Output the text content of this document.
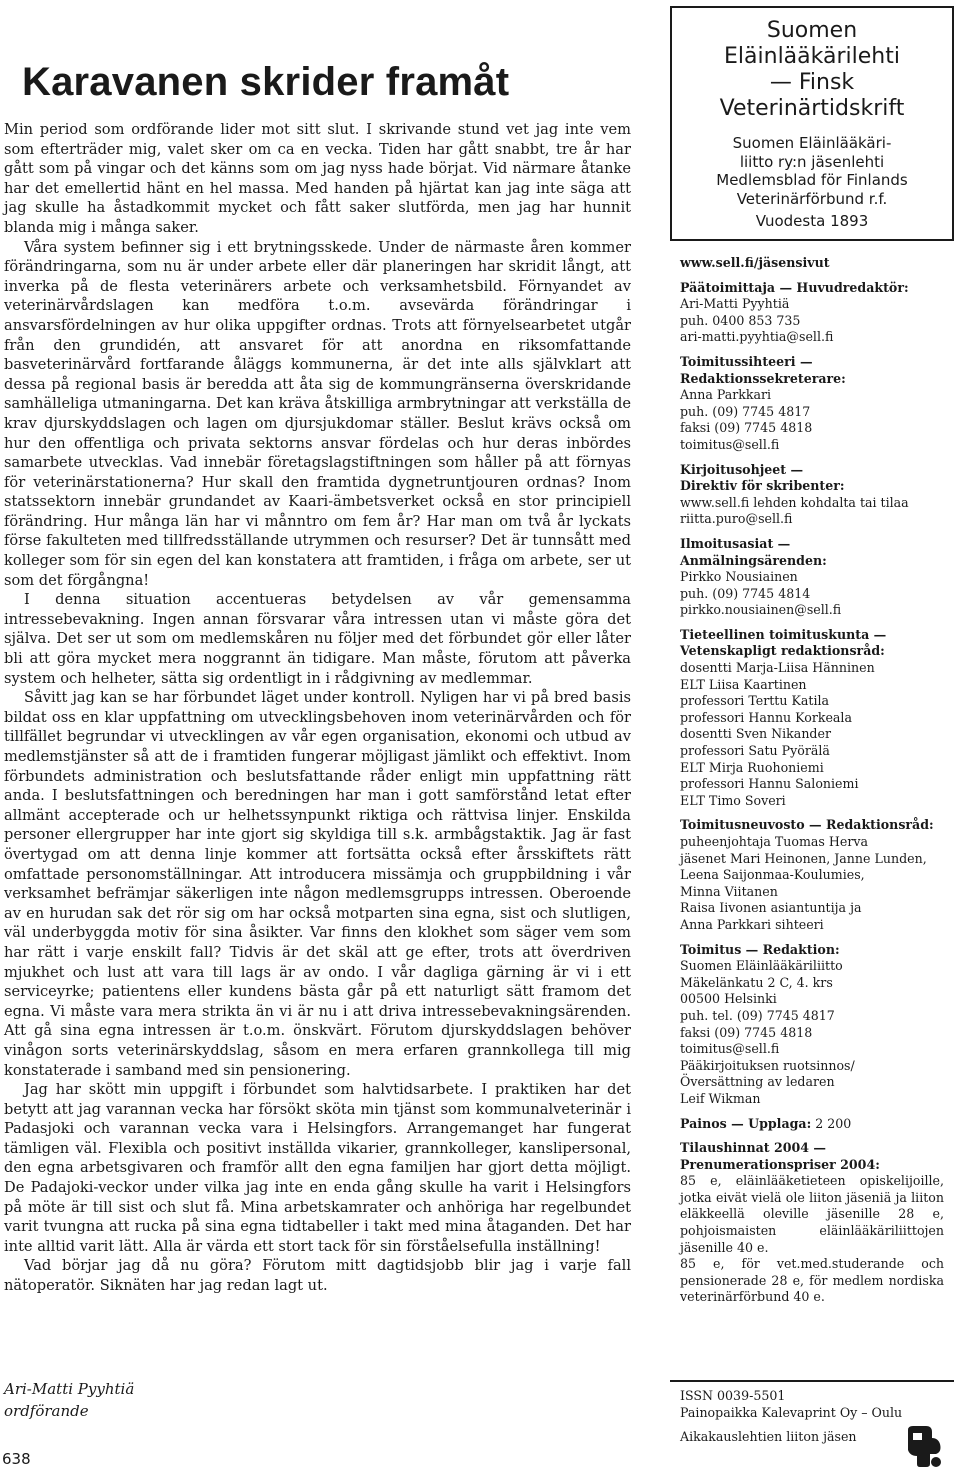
Karavanen skrider framåt

Min period som ordförande lider mot sitt slut. I skrivande stund vet jag inte vem som efterträder mig, valet sker om ca en vecka. Tiden har gått snabbt, tre år har gått som på vingar och det känns som om jag nyss hade börjat. Vid närmare åtanke har det emellertid hänt en hel massa. Med handen på hjärtat kan jag inte säga att jag skulle ha åstadkommit mycket och fått saker slutförda, men jag har hunnit blanda mig i många saker.

Våra system befinner sig i ett brytningsskede. Under de närmaste åren kommer förändringarna, som nu är under arbete eller där planeringen har skridit långt, att inverka på de flesta veterinärers arbete och verksamhetsbild. Förnyandet av veterinärvårdslagen kan medföra t.o.m. avsevärda förändringar i ansvarsfördelningen av hur olika uppgifter ordnas. Trots att förnyelsearbetet utgår från den grundidén, att ansvaret för att anordna en riksomfattande basveterinärvård fortfarande åläggs kommunerna, är det inte alls självklart att dessa på regional basis är beredda att åta sig de kommungränserna överskridande samhälleliga utmaningarna. Det kan kräva åtskilliga armbrytningar att verkställa de krav djurskyddslagen och lagen om djursjukdomar ställer. Beslut krävs också om hur den offentliga och privata sektorns ansvar fördelas och hur deras inbördes samarbete utvecklas. Vad innebär företagslagstiftningen som håller på att förnyas för veterinärstationerna? Hur skall den framtida dygnetruntjouren ordnas? Inom statssektorn innebär grundandet av Kaari-ämbetsverket också en stor principiell förändring. Hur många län har vi månntro om fem år? Har man om två år lyckats förse fakulteten med tillfredsställande utrymmen och resurser? Det är tunnsått med kolleger som för sin egen del kan konstatera att framtiden, i fråga om arbete, ser ut som det förgångna!

I denna situation accentueras betydelsen av vår gemensamma intressebevakning. Ingen annan försvarar våra intressen utan vi måste göra det själva. Det ser ut som om medlemskåren nu följer med det förbundet gör eller låter bli att göra mycket mera noggrannt än tidigare. Man måste, förutom att påverka system och helheter, sätta sig ordentligt in i rådgivning av medlemmar.

Såvitt jag kan se har förbundet läget under kontroll. Nyligen har vi på bred basis bildat oss en klar uppfattning om utvecklingsbehoven inom veterinärvården och för tillfället begrundar vi utvecklingen av vår egen organisation, ekonomi och utbud av medlemstjänster så att de i framtiden fungerar möjligast jämlikt och effektivt. Inom förbundets administration och beslutsfattande råder enligt min uppfattning rätt anda. I beslutsfattningen och beredningen har man i gott samförstånd letat efter allmänt accepterade och ur helhetssynpunkt riktiga och rättvisa linjer. Enskilda personer ellergrupper har inte gjort sig skyldiga till s.k. armbågstaktik. Jag är fast övertygad om att denna linje kommer att fortsätta också efter årsskiftets rätt omfattade personomställningar. Att introducera missämja och gruppbildning i vår verksamhet befrämjar säkerligen inte någon medlemsgrupps intressen. Oberoende av en hurudan sak det rör sig om har också motparten sina egna, sist och slutligen, väl underbyggda motiv för sina åsikter. Var finns den klokhet som säger vem som har rätt i varje enskilt fall? Tidvis är det skäl att ge efter, trots att överdriven mjukhet och lust att vara till lags är av ondo. I vår dagliga gärning är vi i ett serviceyrke; patientens eller kundens bästa går på ett naturligt sätt framom det egna. Vi måste vara mera strikta än vi är nu i att driva intressebevakningsärenden. Att gå sina egna intressen är t.o.m. önskvärt. Förutom djurskyddslagen behöver vinågon sorts veterinärskyddslag, såsom en mera erfaren grannkollega till mig konstaterade i samband med sin pensionering.

Jag har skött min uppgift i förbundet som halvtidsarbete. I praktiken har det betytt att jag varannan vecka har försökt sköta min tjänst som kommunalveterinär i Padasjoki och varannan vecka vara i Helsingfors. Arrangemanget har fungerat tämligen väl. Flexibla och positivt inställda vikarier, grannkolleger, kanslipersonal, den egna arbetsgivaren och framför allt den egna familjen har gjort detta möjligt. De Padajoki-veckor under vilka jag inte en enda gång skulle ha varit i Helsingfors på möte är till sist och slut få. Mina arbetskamrater och anhöriga har regelbundet varit tvungna att rucka på sina egna tidtabeller i takt med mina åtaganden. Det har inte alltid varit lätt. Alla är värda ett stort tack för sin förståelsefulla inställning!

Vad börjar jag då nu göra? Förutom mitt dagtidsjobb blir jag i varje fall nätoperatör. Siknäten har jag redan lagt ut.

Ari-Matti Pyyhtiä
ordförande
638
Suomen
Eläinlääkärilehti
— Finsk
Veterinärtidskrift
Suomen Eläinlääkäri-
liitto ry:n jäsenlehti
Medlemsblad för Finlands
Veterinärförbund r.f.
Vuodesta 1893
www.sell.fi/jäsensivut
Päätoimittaja — Huvudredaktör:
Ari-Matti Pyyhtiä
puh. 0400 853 735
ari-matti.pyyhtia@sell.fi
Toimitussihteeri —
Redaktionssekreterare:
Anna Parkkari
puh. (09) 7745 4817
faksi (09) 7745 4818
toimitus@sell.fi
Kirjoitusohjeet —
Direktiv för skribenter:
www.sell.fi lehden kohdalta tai tilaa
riitta.puro@sell.fi
Ilmoitusasiat —
Anmälningsärenden:
Pirkko Nousiainen
puh. (09) 7745 4814
pirkko.nousiainen@sell.fi
Tieteellinen toimituskunta —
Vetenskapligt redaktionsråd:
dosentti Marja-Liisa Hänninen
ELT Liisa Kaartinen
professori Terttu Katila
professori Hannu Korkeala
dosentti Sven Nikander
professori Satu Pyörälä
ELT Mirja Ruohoniemi
professori Hannu Saloniemi
ELT Timo Soveri
Toimitusneuvosto — Redaktionsråd:
puheenjohtaja Tuomas Herva
jäsenet Mari Heinonen, Janne Lunden,
Leena Saijonmaa-Koulumies,
Minna Viitanen
Raisa Iivonen asiantuntija ja
Anna Parkkari sihteeri
Toimitus — Redaktion:
Suomen Eläinlääkäriliitto
Mäkelänkatu 2 C, 4. krs
00500 Helsinki
puh. tel. (09) 7745 4817
faksi (09) 7745 4818
toimitus@sell.fi
Pääkirjoituksen ruotsinnos/
Översättning av ledaren
Leif Wikman
Painos — Upplaga: 2 200
Tilaushinnat 2004 —
Prenumerationspriser 2004:
85 e, eläinlääketieteen opiskelijoille, jotka eivät vielä ole liiton jäseniä ja liiton eläkkeellä oleville jäsenille 28 e, pohjoismaisten eläinlääkäriliittojen jäsenille 40 e.
85 e, för vet.med.studerande och pensionerade 28 e, för medlem nordiska veterinärförbund 40 e.
ISSN 0039-5501
Painopaikka Kalevaprint Oy – Oulu
Aikakauslehtien liiton jäsen
